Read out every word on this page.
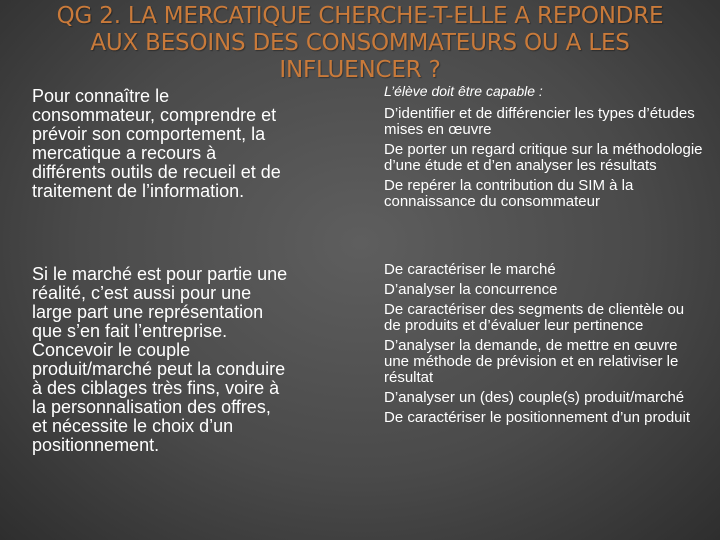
QG 2. LA MERCATIQUE CHERCHE-T-ELLE A REPONDRE
AUX BESOINS DES CONSOMMATEURS OU A LES
INFLUENCER ?
Pour connaître le
consommateur, comprendre et
prévoir son comportement, la
mercatique a recours à
différents outils de recueil et de
traitement de l’information.
Si le marché est pour partie une
réalité, c’est aussi pour une
large part une représentation
que s’en fait l’entreprise.
Concevoir le couple
produit/marché peut la conduire
à des ciblages très fins, voire à
la personnalisation des offres,
et nécessite le choix d’un
positionnement.
L’élève doit être capable :
D’identifier et de différencier les types d’études mises en œuvre
De porter un regard critique sur la méthodologie d’une étude et d’en analyser les résultats
De repérer la contribution du SIM à la connaissance du consommateur
De caractériser le marché
D’analyser la concurrence
De caractériser des segments de clientèle ou de produits et d’évaluer leur pertinence
D’analyser la demande, de mettre en œuvre une méthode de prévision et en relativiser le résultat
D’analyser un (des) couple(s) produit/marché
De caractériser le positionnement d’un produit
